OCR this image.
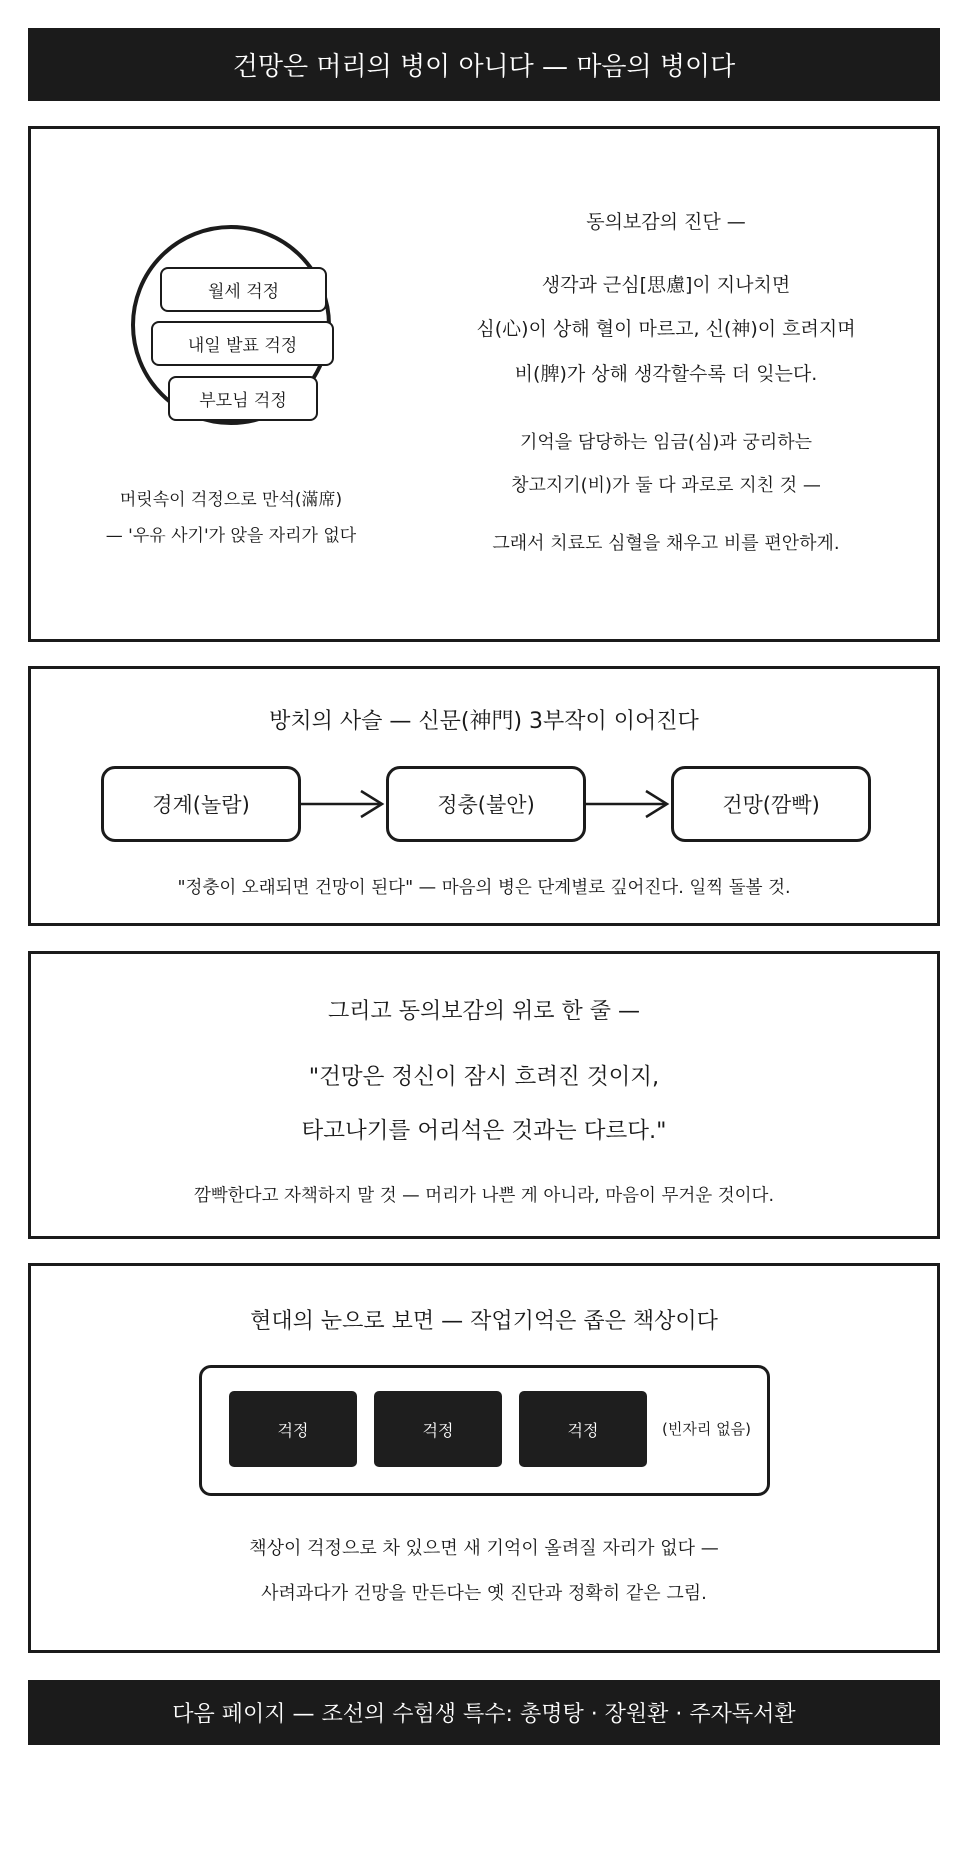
건망은 머리의 병이 아니다 — 마음의 병이다
월세 걱정
내일 발표 걱정
부모님 걱정
머릿속이 걱정으로 만석(滿席)
— '우유 사기'가 앉을 자리가 없다
동의보감의 진단 —
생각과 근심[思慮]이 지나치면
심(心)이 상해 혈이 마르고, 신(神)이 흐려지며
비(脾)가 상해 생각할수록 더 잊는다.
기억을 담당하는 임금(심)과 궁리하는
창고지기(비)가 둘 다 과로로 지친 것 —
그래서 치료도 심혈을 채우고 비를 편안하게.
방치의 사슬 — 신문(神門) 3부작이 이어진다
경계(놀람)	정충(불안)	건망(깜빡)
"정충이 오래되면 건망이 된다" — 마음의 병은 단계별로 깊어진다. 일찍 돌볼 것.
그리고 동의보감의 위로 한 줄 —
"건망은 정신이 잠시 흐려진 것이지,
타고나기를 어리석은 것과는 다르다."
깜빡한다고 자책하지 말 것 — 머리가 나쁜 게 아니라, 마음이 무거운 것이다.
현대의 눈으로 보면 — 작업기억은 좁은 책상이다
걱정	걱정	걱정	(빈자리 없음)
책상이 걱정으로 차 있으면 새 기억이 올려질 자리가 없다 —
사려과다가 건망을 만든다는 옛 진단과 정확히 같은 그림.
다음 페이지 — 조선의 수험생 특수: 총명탕 · 장원환 · 주자독서환
